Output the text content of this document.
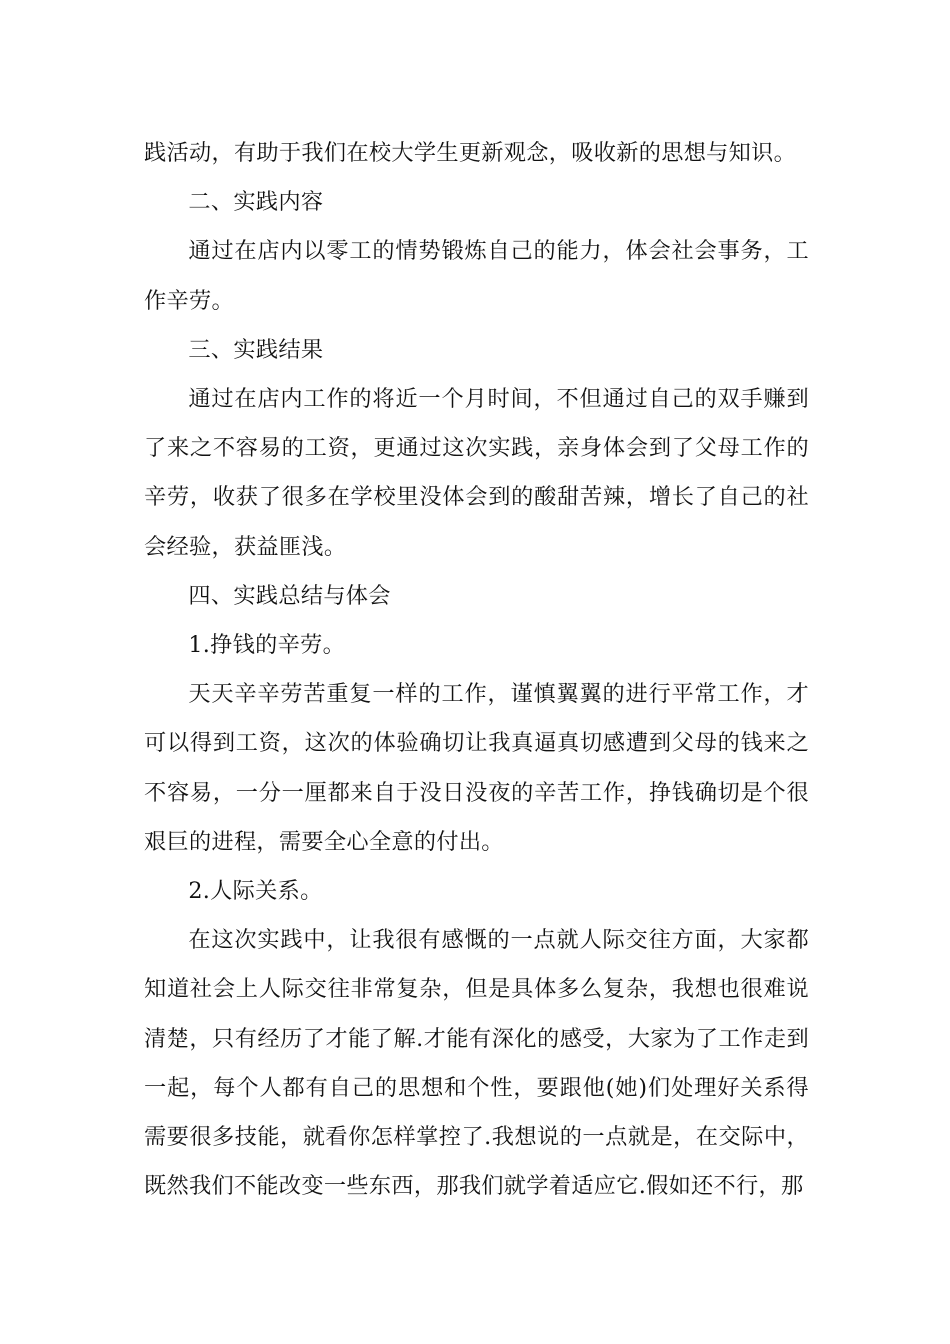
践活动，有助于我们在校大学生更新观念，吸收新的思想与知识。

二、实践内容

通过在店内以零工的情势锻炼自己的能力，体会社会事务，工作辛劳。

三、实践结果

通过在店内工作的将近一个月时间，不但通过自己的双手赚到了来之不容易的工资，更通过这次实践，亲身体会到了父母工作的辛劳，收获了很多在学校里没体会到的酸甜苦辣，增长了自己的社会经验，获益匪浅。

四、实践总结与体会

1.挣钱的辛劳。

天天辛辛劳苦重复一样的工作，谨慎翼翼的进行平常工作，才可以得到工资，这次的体验确切让我真逼真切感遭到父母的钱来之不容易，一分一厘都来自于没日没夜的辛苦工作，挣钱确切是个很艰巨的进程，需要全心全意的付出。

2.人际关系。

在这次实践中，让我很有感慨的一点就人际交往方面，大家都知道社会上人际交往非常复杂，但是具体多么复杂，我想也很难说清楚，只有经历了才能了解.才能有深化的感受，大家为了工作走到一起，每个人都有自己的思想和个性，要跟他(她)们处理好关系得需要很多技能，就看你怎样掌控了.我想说的一点就是，在交际中，既然我们不能改变一些东西，那我们就学着适应它.假如还不行，那
